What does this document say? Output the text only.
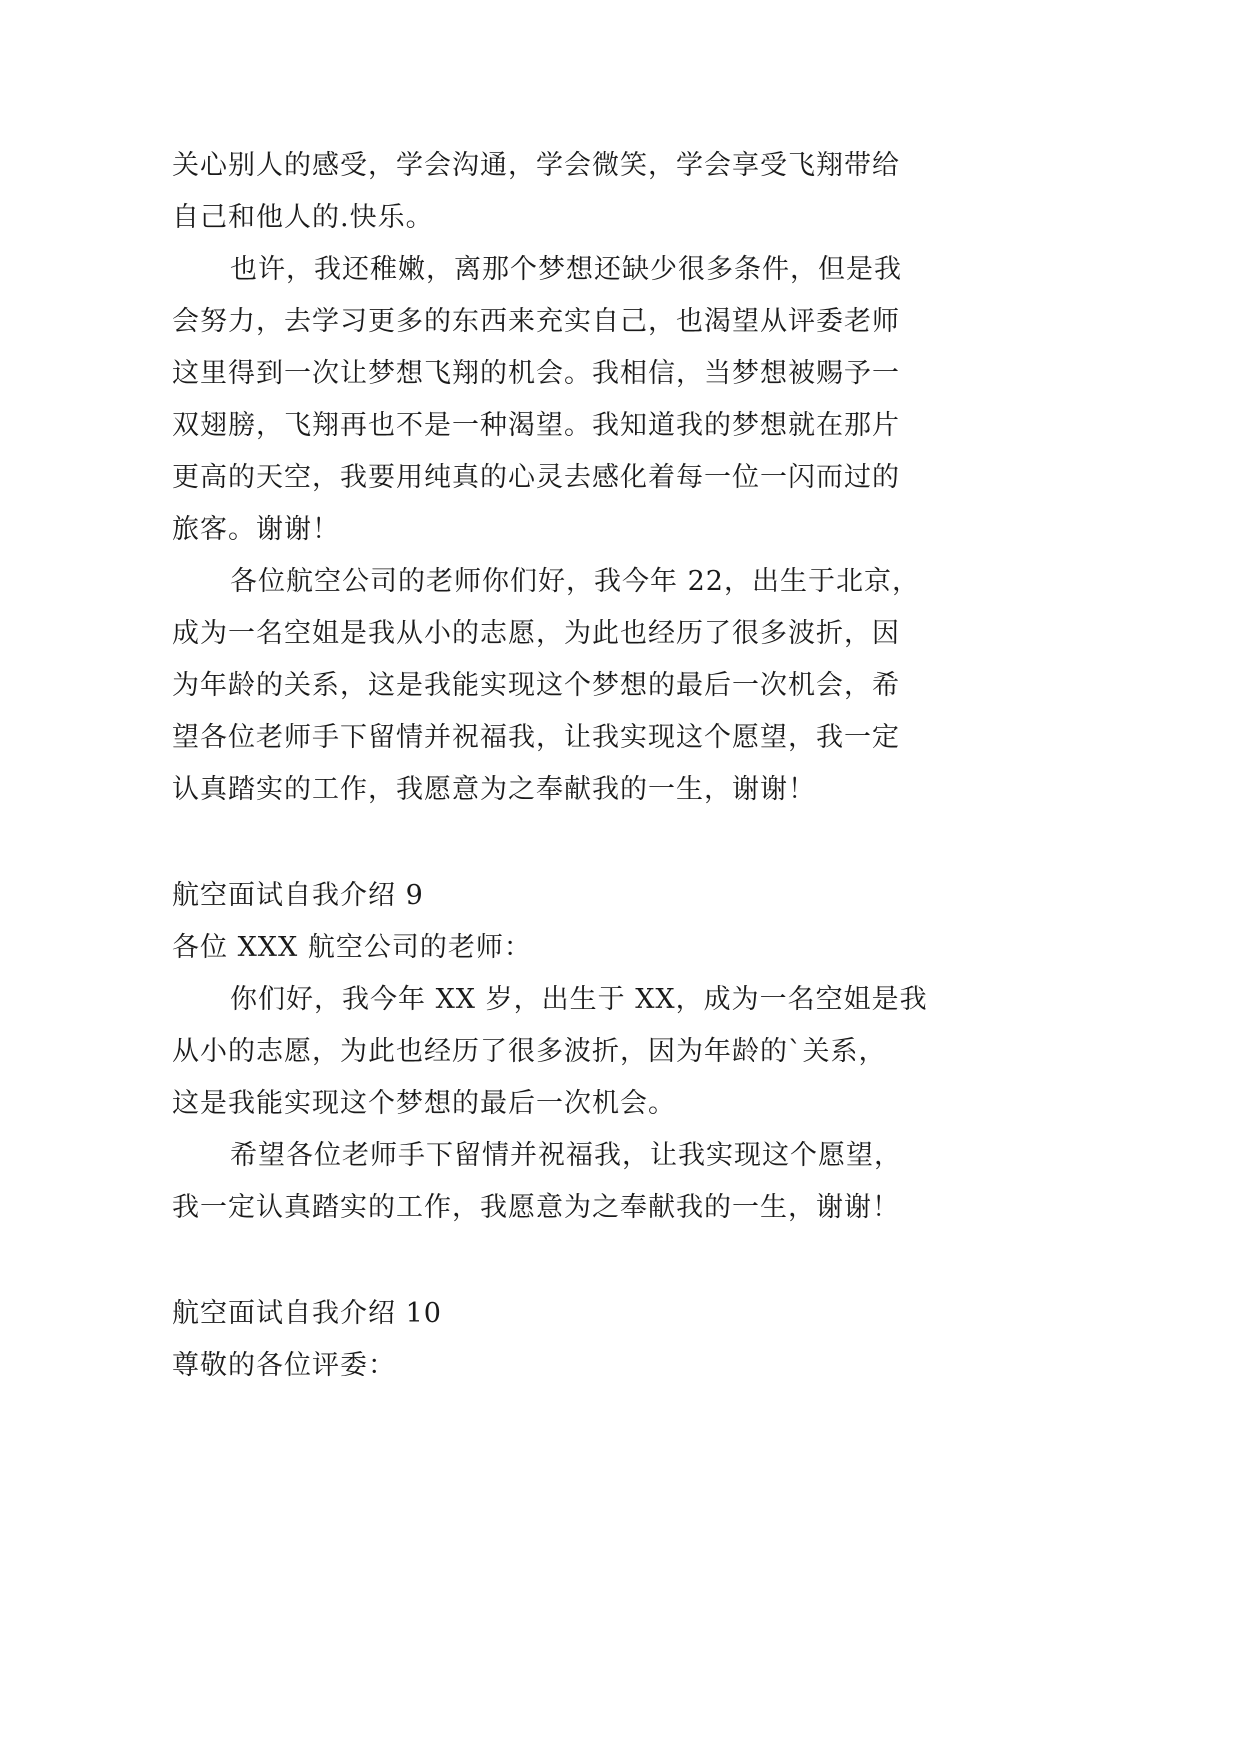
关心别人的感受，学会沟通，学会微笑，学会享受飞翔带给
自己和他人的.快乐。
也许，我还稚嫩，离那个梦想还缺少很多条件，但是我
会努力，去学习更多的东西来充实自己，也渴望从评委老师
这里得到一次让梦想飞翔的机会。我相信，当梦想被赐予一
双翅膀，飞翔再也不是一种渴望。我知道我的梦想就在那片
更高的天空，我要用纯真的心灵去感化着每一位一闪而过的
旅客。谢谢！
各位航空公司的老师你们好，我今年 22，出生于北京，
成为一名空姐是我从小的志愿，为此也经历了很多波折，因
为年龄的关系，这是我能实现这个梦想的最后一次机会，希
望各位老师手下留情并祝福我，让我实现这个愿望，我一定
认真踏实的工作，我愿意为之奉献我的一生，谢谢！
航空面试自我介绍 9
各位 XXX 航空公司的老师：
你们好，我今年 XX 岁，出生于 XX，成为一名空姐是我
从小的志愿，为此也经历了很多波折，因为年龄的`关系，
这是我能实现这个梦想的最后一次机会。
希望各位老师手下留情并祝福我，让我实现这个愿望，
我一定认真踏实的工作，我愿意为之奉献我的一生，谢谢！
航空面试自我介绍 10
尊敬的各位评委：
